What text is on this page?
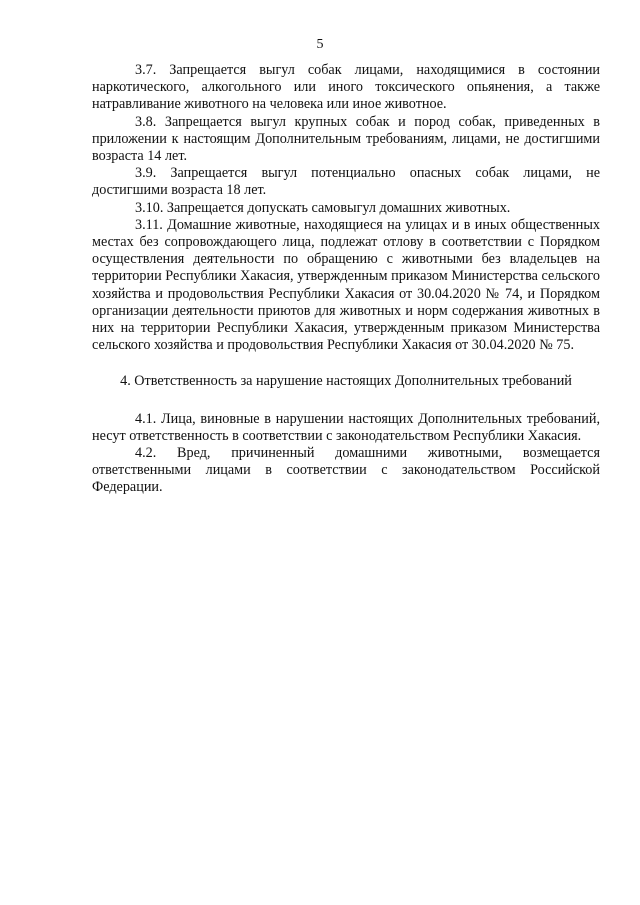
5

3.7. Запрещается выгул собак лицами, находящимися в состоянии наркотического, алкогольного или иного токсического опьянения, а также натравливание животного на человека или иное животное.

3.8. Запрещается выгул крупных собак и пород собак, приведенных в приложении к настоящим Дополнительным требованиям, лицами, не достигшими возраста 14 лет.

3.9. Запрещается выгул потенциально опасных собак лицами, не достигшими возраста 18 лет.

3.10. Запрещается допускать самовыгул домашних животных.

3.11. Домашние животные, находящиеся на улицах и в иных общественных местах без сопровождающего лица, подлежат отлову в соответствии с Порядком осуществления деятельности по обращению с животными без владельцев на территории Республики Хакасия, утвержденным приказом Министерства сельского хозяйства и продовольствия Республики Хакасия от 30.04.2020 № 74, и Порядком организации деятельности приютов для животных и норм содержания животных в них на территории Республики Хакасия, утвержденным приказом Министерства сельского хозяйства и продовольствия Республики Хакасия от 30.04.2020 № 75.

4. Ответственность за нарушение настоящих Дополнительных требований

4.1. Лица, виновные в нарушении настоящих Дополнительных требований, несут ответственность в соответствии с законодательством Республики Хакасия.

4.2. Вред, причиненный домашними животными, возмещается ответственными лицами в соответствии с законодательством Российской Федерации.
